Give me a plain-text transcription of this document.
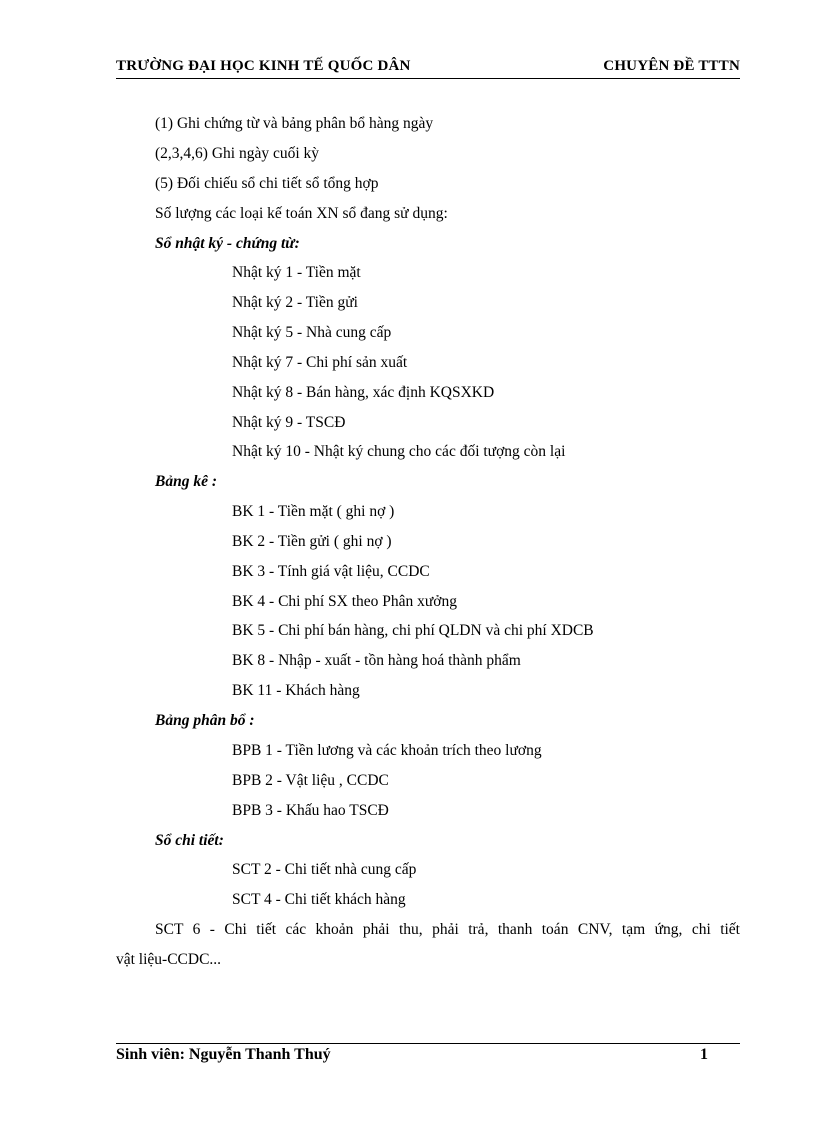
TRƯỜNG ĐẠI HỌC KINH TẾ QUỐC DÂN	CHUYÊN ĐỀ TTTN
(1) Ghi chứng từ và bảng phân bổ hàng ngày
(2,3,4,6) Ghi ngày cuối kỳ
(5) Đối chiếu sổ chi tiết sổ tổng hợp
Số lượng các loại kế toán XN sổ đang sử dụng:
Sổ nhật ký - chứng từ:
Nhật ký 1 - Tiền mặt
Nhật ký 2 - Tiền gửi
Nhật ký 5 - Nhà cung cấp
Nhật ký 7 - Chi phí sản xuất
Nhật ký 8 - Bán hàng, xác định KQSXKD
Nhật ký 9 - TSCĐ
Nhật ký 10 - Nhật ký chung cho các đối tượng còn lại
Bảng kê :
BK 1 - Tiền mặt ( ghi nợ )
BK 2 - Tiền gửi ( ghi nợ )
BK 3 - Tính giá vật liệu, CCDC
BK 4 - Chi phí SX theo Phân xưởng
BK 5 - Chi phí bán hàng, chi phí QLDN và chi phí XDCB
BK 8 - Nhập - xuất - tồn hàng hoá thành phẩm
BK 11 - Khách hàng
Bảng phân bổ :
BPB 1 - Tiền lương và các khoản trích theo lương
BPB 2 - Vật liệu , CCDC
BPB 3 - Khấu hao TSCĐ
Sổ chi tiết:
SCT 2 - Chi tiết nhà cung cấp
SCT 4 - Chi tiết khách hàng
SCT 6 - Chi tiết các khoản phải thu, phải trả, thanh toán CNV, tạm ứng, chi tiết
vật liệu-CCDC...
Sinh viên: Nguyễn Thanh Thuý	1
